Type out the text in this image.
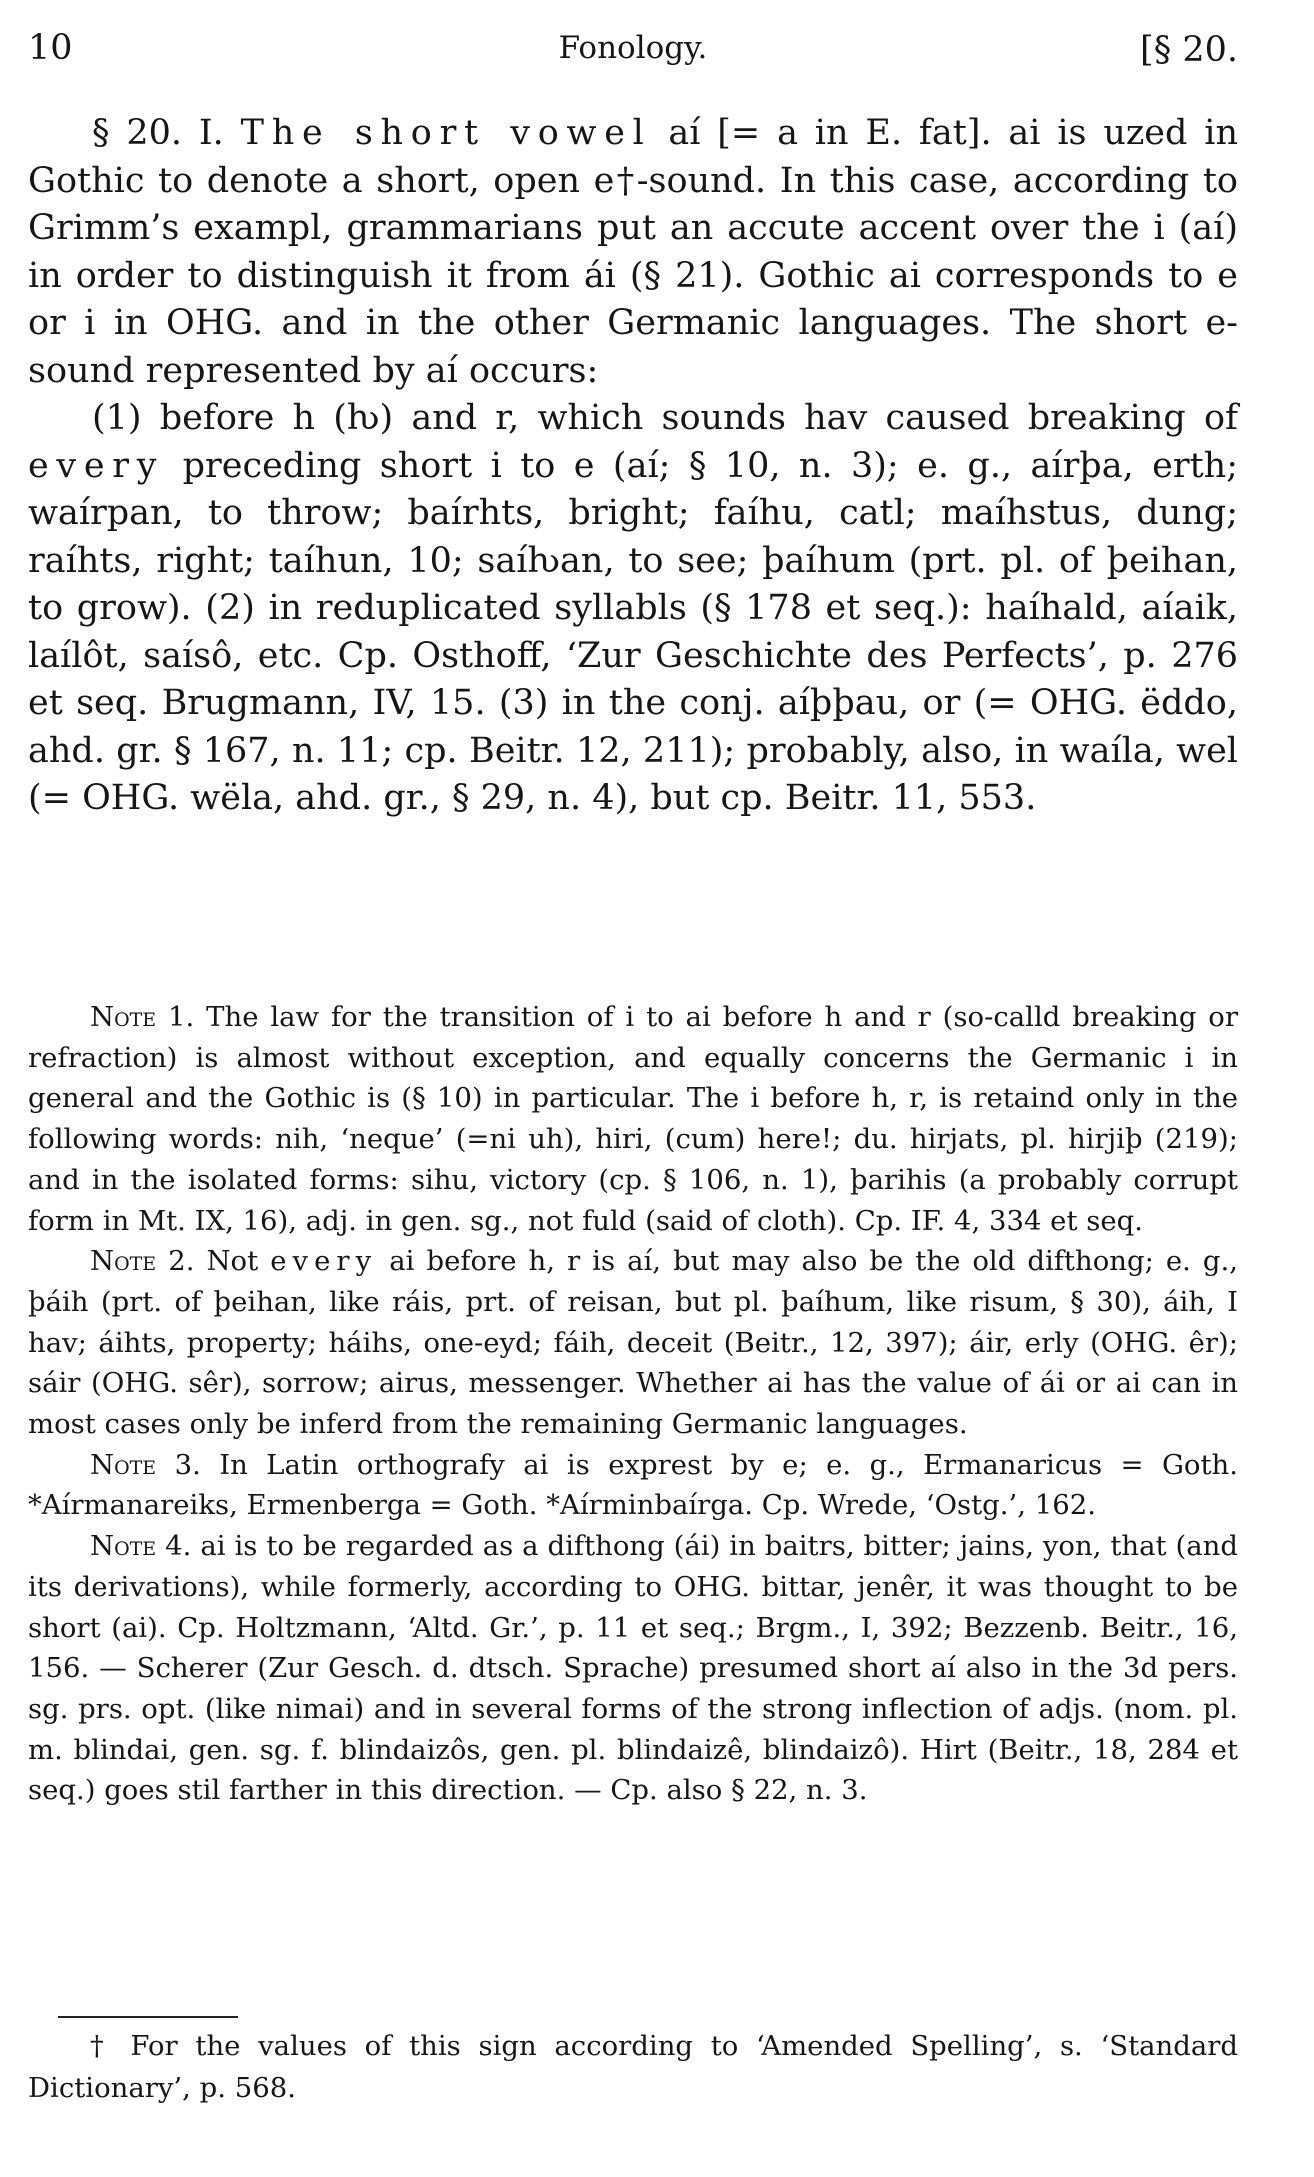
10	Fonology.	[§ 20.

§ 20. I. The short vowel aí [= a in E. fat]. ai is uzed in Gothic to denote a short, open e†-sound. In this case, according to Grimm’s exampl, grammarians put an accute accent over the i (aí) in order to distinguish it from ái (§ 21). Gothic ai corresponds to e or i in OHG. and in the other Germanic languages. The short e-sound represented by aí occurs:

(1) before h (ƕ) and r, which sounds hav caused breaking of every preceding short i to e (aí; § 10, n. 3); e. g., aírþa, erth; waírpan, to throw; baírhts, bright; faíhu, catl; maíhstus, dung; raíhts, right; taíhun, 10; saíƕan, to see; þaíhum (prt. pl. of þeihan, to grow). (2) in reduplicated syllabls (§ 178 et seq.): haíhald, aíaik, laílôt, saísô, etc. Cp. Osthoff, ‘Zur Geschichte des Perfects’, p. 276 et seq. Brugmann, IV, 15. (3) in the conj. aíþþau, or (= OHG. ëddo, ahd. gr. § 167, n. 11; cp. Beitr. 12, 211); probably, also, in waíla, wel (= OHG. wëla, ahd. gr., § 29, n. 4), but cp. Beitr. 11, 553.

Note 1. The law for the transition of i to ai before h and r (so-calld breaking or refraction) is almost without exception, and equally concerns the Germanic i in general and the Gothic is (§ 10) in particular. The i before h, r, is retaind only in the following words: nih, ‘neque’ (=ni uh), hiri, (cum) here!; du. hirjats, pl. hirjiþ (219); and in the isolated forms: sihu, victory (cp. § 106, n. 1), þarihis (a probably corrupt form in Mt. IX, 16), adj. in gen. sg., not fuld (said of cloth). Cp. IF. 4, 334 et seq.

Note 2. Not every ai before h, r is aí, but may also be the old difthong; e. g., þáih (prt. of þeihan, like ráis, prt. of reisan, but pl. þaíhum, like risum, § 30), áih, I hav; áihts, property; háihs, one-eyd; fáih, deceit (Beitr., 12, 397); áir, erly (OHG. êr); sáir (OHG. sêr), sorrow; airus, messenger. Whether ai has the value of ái or ai can in most cases only be inferd from the remaining Germanic languages.

Note 3. In Latin orthografy ai is exprest by e; e. g., Ermanaricus = Goth. *Aírmanareiks, Ermenberga = Goth. *Aírminbaírga. Cp. Wrede, ‘Ostg.’, 162.

Note 4. ai is to be regarded as a difthong (ái) in baitrs, bitter; jains, yon, that (and its derivations), while formerly, according to OHG. bittar, jenêr, it was thought to be short (ai). Cp. Holtzmann, ‘Altd. Gr.’, p. 11 et seq.; Brgm., I, 392; Bezzenb. Beitr., 16, 156. — Scherer (Zur Gesch. d. dtsch. Sprache) presumed short aí also in the 3d pers. sg. prs. opt. (like nimai) and in several forms of the strong inflection of adjs. (nom. pl. m. blindai, gen. sg. f. blindaizôs, gen. pl. blindaizê, blindaizô). Hirt (Beitr., 18, 284 et seq.) goes stil farther in this direction. — Cp. also § 22, n. 3.

† For the values of this sign according to ‘Amended Spelling’, s. ‘Standard Dictionary’, p. 568.
